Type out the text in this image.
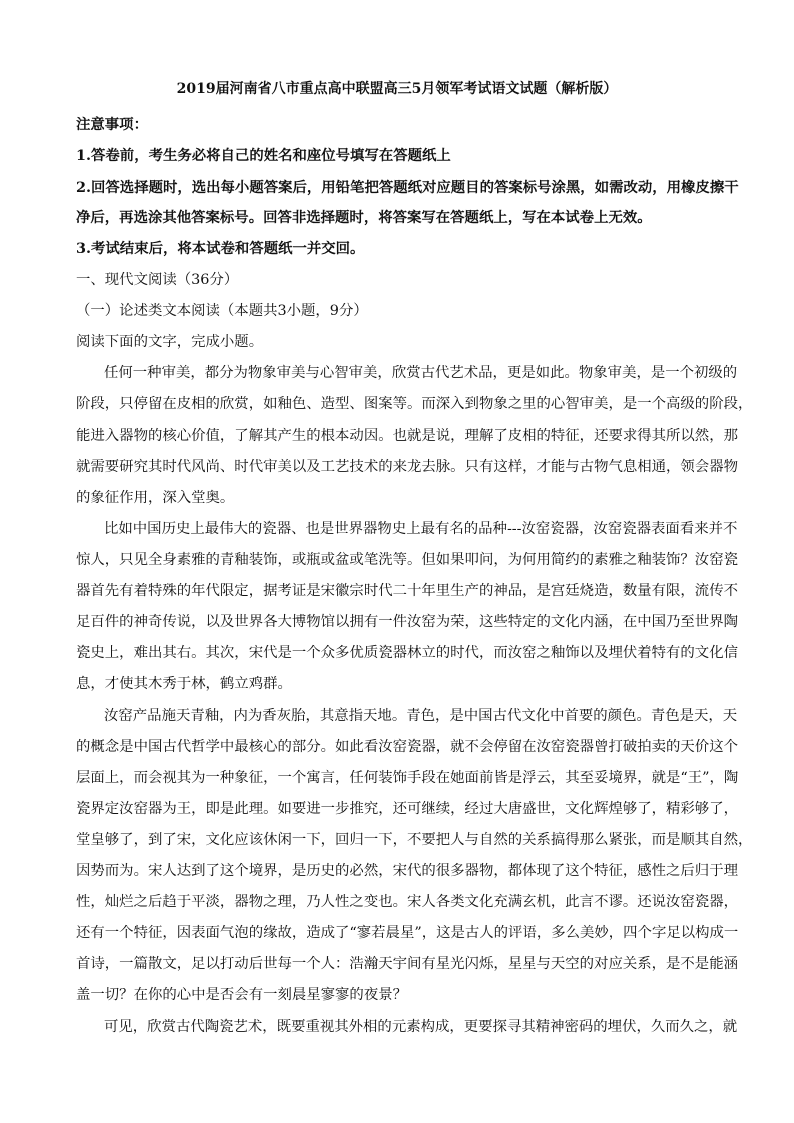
2019届河南省八市重点高中联盟高三5月领军考试语文试题（解析版）
注意事项：
1.答卷前，考生务必将自己的姓名和座位号填写在答题纸上
2.回答选择题时，选出每小题答案后，用铅笔把答题纸对应题目的答案标号涂黑，如需改动，用橡皮擦干
净后，再选涂其他答案标号。回答非选择题时，将答案写在答题纸上，写在本试卷上无效。
3.考试结束后，将本试卷和答题纸一并交回。
一、现代文阅读（36分）
（一）论述类文本阅读（本题共3小题，9分）
阅读下面的文字，完成小题。
任何一种审美，都分为物象审美与心智审美，欣赏古代艺术品，更是如此。物象审美，是一个初级的
阶段，只停留在皮相的欣赏，如釉色、造型、图案等。而深入到物象之里的心智审美，是一个高级的阶段，
能进入器物的核心价值，了解其产生的根本动因。也就是说，理解了皮相的特征，还要求得其所以然，那
就需要研究其时代风尚、时代审美以及工艺技术的来龙去脉。只有这样，才能与古物气息相通，领会器物
的象征作用，深入堂奥。
比如中国历史上最伟大的瓷器、也是世界器物史上最有名的品种---汝窑瓷器，汝窑瓷器表面看来并不
惊人，只见全身素雅的青釉装饰，或瓶或盆或笔洗等。但如果叩问，为何用简约的素雅之釉装饰？汝窑瓷
器首先有着特殊的年代限定，据考证是宋徽宗时代二十年里生产的神品，是宫廷烧造，数量有限，流传不
足百件的神奇传说，以及世界各大博物馆以拥有一件汝窑为荣，这些特定的文化内涵，在中国乃至世界陶
瓷史上，难出其右。其次，宋代是一个众多优质瓷器林立的时代，而汝窑之釉饰以及埋伏着特有的文化信
息，才使其木秀于林，鹤立鸡群。
汝窑产品施天青釉，内为香灰胎，其意指天地。青色，是中国古代文化中首要的颜色。青色是天，天
的概念是中国古代哲学中最核心的部分。如此看汝窑瓷器，就不会停留在汝窑瓷器曾打破拍卖的天价这个
层面上，而会视其为一种象征，一个寓言，任何装饰手段在她面前皆是浮云，其至妥境界，就是“王”，陶
瓷界定汝窑器为王，即是此理。如要进一步推究，还可继续，经过大唐盛世，文化辉煌够了，精彩够了，
堂皇够了，到了宋，文化应该休闲一下，回归一下，不要把人与自然的关系搞得那么紧张，而是顺其自然，
因势而为。宋人达到了这个境界，是历史的必然，宋代的很多器物，都体现了这个特征，感性之后归于理
性，灿烂之后趋于平淡，器物之理，乃人性之变也。宋人各类文化充满玄机，此言不谬。还说汝窑瓷器，
还有一个特征，因表面气泡的缘故，造成了“寥若晨星”，这是古人的评语，多么美妙，四个字足以构成一
首诗，一篇散文，足以打动后世每一个人：浩瀚天宇间有星光闪烁，星星与天空的对应关系，是不是能涵
盖一切？在你的心中是否会有一刻晨星寥寥的夜景？
可见，欣赏古代陶瓷艺术，既要重视其外相的元素构成，更要探寻其精神密码的埋伏，久而久之，就
